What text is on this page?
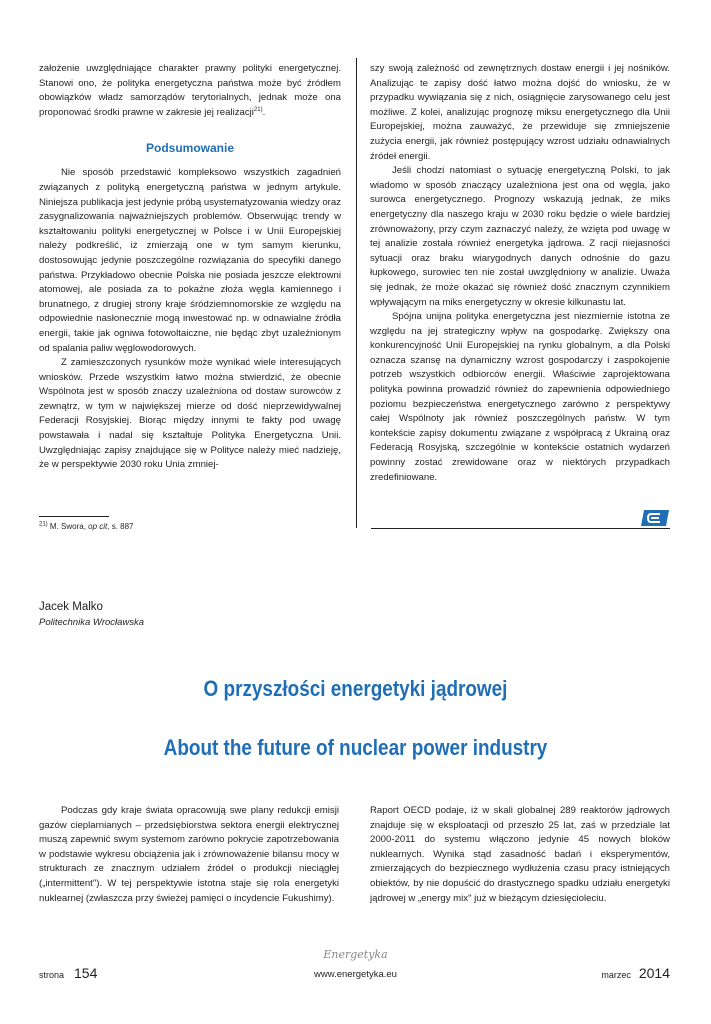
założenie uwzględniające charakter prawny polityki energetycznej. Stanowi ono, że polityka energetyczna państwa może być źródłem obowiązków władz samorządów terytorialnych, jednak może ona proponować środki prawne w zakresie jej realizacji$^{21)}$.

Podsumowanie

Nie sposób przedstawić kompleksowo wszystkich zagadnień związanych z polityką energetyczną państwa w jednym artykule. Niniejsza publikacja jest jedynie próbą usystematyzowania wiedzy oraz zasygnalizowania najważniejszych problemów. Obserwując trendy w kształtowaniu polityki energetycznej w Polsce i w Unii Europejskiej należy podkreślić, iż zmierzają one w tym samym kierunku, dostosowując jedynie poszczególne rozwiązania do specyfiki danego państwa. Przykładowo obecnie Polska nie posiada jeszcze elektrowni atomowej, ale posiada za to pokaźne złoża węgla kamiennego i brunatnego, z drugiej strony kraje śródziemnomorskie ze względu na odpowiednie nasłonecznie mogą inwestować np. w odnawialne źródła energii, takie jak ogniwa fotowoltaiczne, nie będąc zbyt uzależnionym od spalania paliw węglowodorowych.

Z zamieszczonych rysunków może wynikać wiele interesujących wniosków. Przede wszystkim łatwo można stwierdzić, że obecnie Wspólnota jest w sposób znaczy uzależniona od dostaw surowców z zewnątrz, w tym w największej mierze od dość nieprzewidywalnej Federacji Rosyjskiej. Biorąc między innymi te fakty pod uwagę powstawała i nadal się kształtuje Polityka Energetyczna Unii. Uwzględniając zapisy znajdujące się w Polityce należy mieć nadzieję, że w perspektywie 2030 roku Unia zmniej-

szy swoją zależność od zewnętrznych dostaw energii i jej nośników. Analizując te zapisy dość łatwo można dojść do wniosku, że w przypadku wywiązania się z nich, osiągnięcie zarysowanego celu jest możliwe. Z kolei, analizując prognozę miksu energetycznego dla Unii Europejskiej, można zauważyć, że przewiduje się zmniejszenie zużycia energii, jak również postępujący wzrost udziału odnawialnych źródeł energii.

Jeśli chodzi natomiast o sytuację energetyczną Polski, to jak wiadomo w sposób znaczący uzależniona jest ona od węgla, jako surowca energetycznego. Prognozy wskazują jednak, że miks energetyczny dla naszego kraju w 2030 roku będzie o wiele bardziej zrównoważony, przy czym zaznaczyć należy, że wzięta pod uwagę w tej analizie została również energetyka jądrowa. Z racji niejasności sytuacji oraz braku wiarygodnych danych odnośnie do gazu łupkowego, surowiec ten nie został uwzględniony w analizie. Uważa się jednak, że może okazać się również dość znacznym czynnikiem wpływającym na miks energetyczny w okresie kilkunastu lat.

Spójna unijna polityka energetyczna jest niezmiernie istotna ze względu na jej strategiczny wpływ na gospodarkę. Zwiększy ona konkurencyjność Unii Europejskiej na rynku globalnym, a dla Polski oznacza szansę na dynamiczny wzrost gospodarczy i zaspokojenie potrzeb wszystkich odbiorców energii. Właściwie zaprojektowana polityka powinna prowadzić również do zapewnienia odpowiedniego poziomu bezpieczeństwa energetycznego zarówno z perspektywy całej Wspólnoty jak również poszczególnych państw. W tym kontekście zapisy dokumentu związane z współpracą z Ukrainą oraz Federacją Rosyjską, szczególnie w kontekście ostatnich wydarzeń powinny zostać zrewidowane oraz w niektórych przypadkach zredefiniowane.

$^{21)}$ M. Swora, op cit, s. 887
Jacek Malko
Politechnika Wrocławska
O przyszłości energetyki jądrowej
About the future of nuclear power industry

Podczas gdy kraje świata opracowują swe plany redukcji emisji gazów cieplarnianych – przedsiębiorstwa sektora energii elektrycznej muszą zapewnić swym systemom zarówno pokrycie zapotrzebowania w podstawie wykresu obciążenia jak i zrównoważenie bilansu mocy w strukturach ze znacznym udziałem źródeł o produkcji nieciągłej („intermittent"). W tej perspektywie istotna staje się rola energetyki nuklearnej (zwłaszcza przy świeżej pamięci o incydencie Fukushimy).

Raport OECD podaje, iż w skali globalnej 289 reaktorów jądrowych znajduje się w eksploatacji od przeszło 25 lat, zaś w przedziale lat 2000-2011 do systemu włączono jedynie 45 nowych bloków nuklearnych. Wynika stąd zasadność badań i eksperymentów, zmierzających do bezpiecznego wydłużenia czasu pracy istniejących obiektów, by nie dopuścić do drastycznego spadku udziału energetyki jądrowej w „energy mix" już w bieżącym dziesięcioleciu.

Energetyka
strona 154	www.energetyka.eu	marzec 2014
